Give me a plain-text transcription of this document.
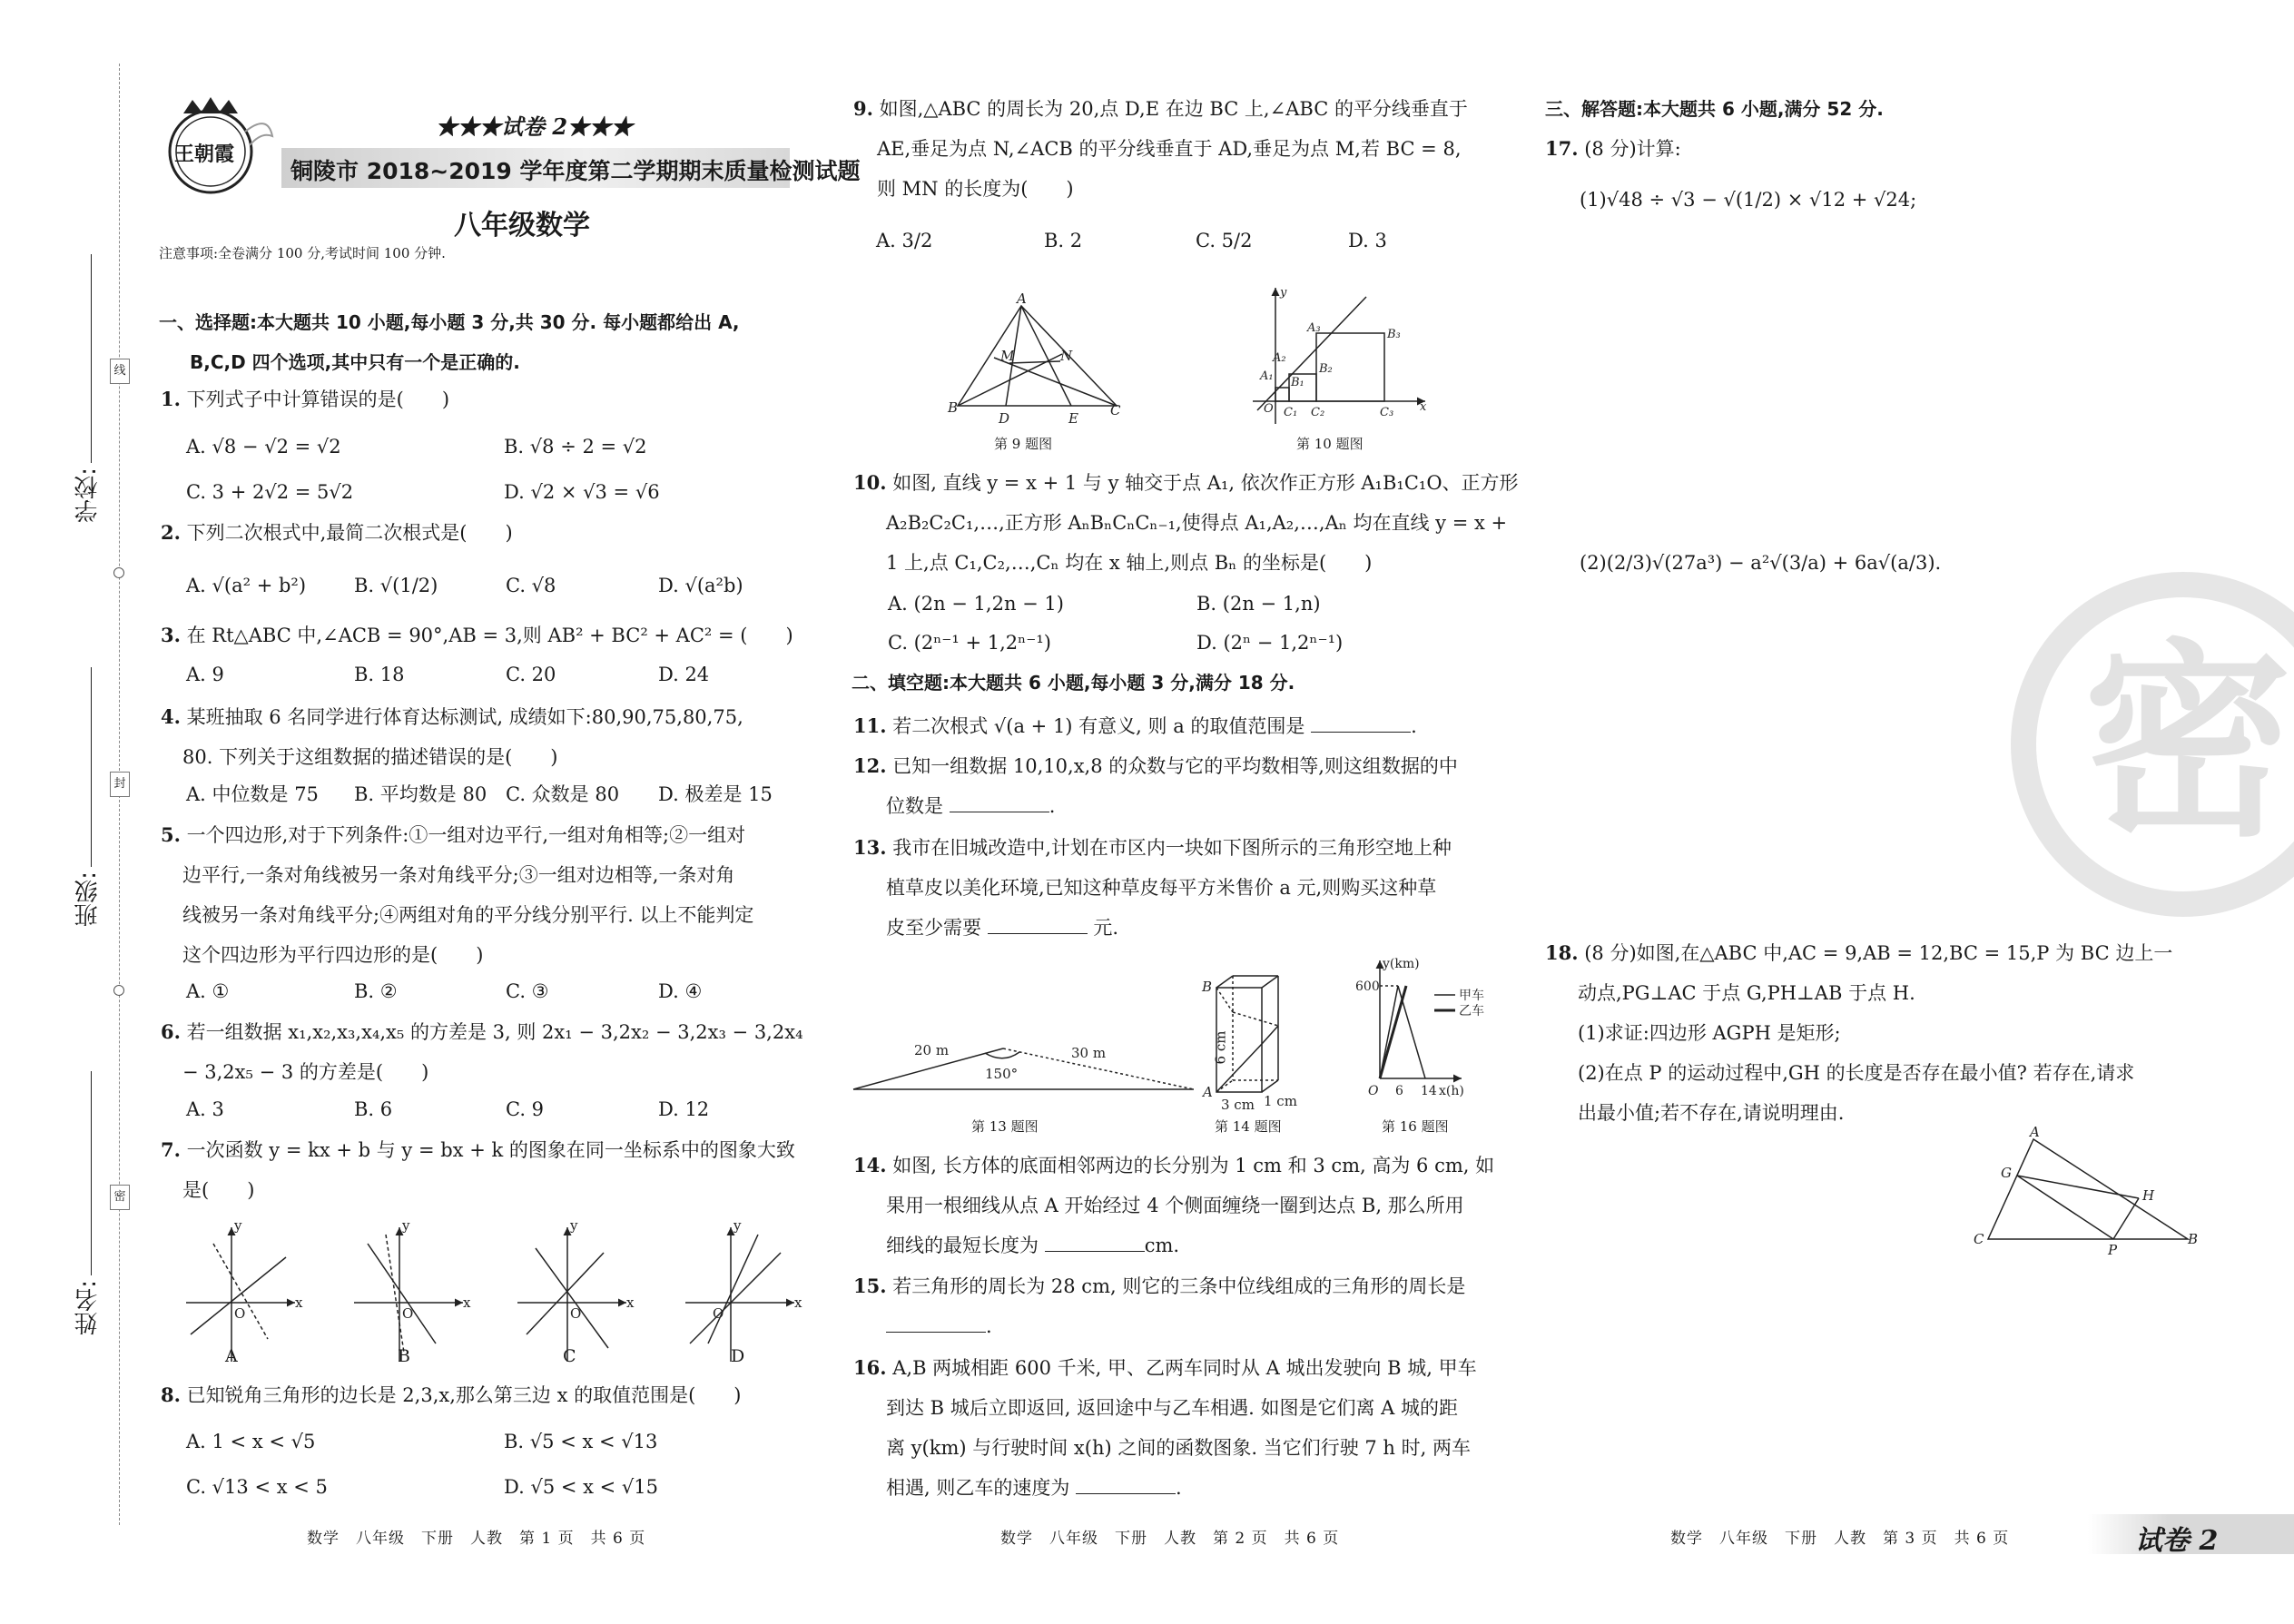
学校:
班级:
姓名:
线
封
密
王朝霞
★★★试卷 2★★★
铜陵市 2018~2019 学年度第二学期期末质量检测试题
八年级数学
注意事项:全卷满分 100 分,考试时间 100 分钟.
一、选择题:本大题共 10 小题,每小题 3 分,共 30 分. 每小题都给出 A,
B,C,D 四个选项,其中只有一个是正确的.
1. 下列式子中计算错误的是(　　)
A. √8 − √2 = √2	B. √8 ÷ 2 = √2
C. 3 + 2√2 = 5√2	D. √2 × √3 = √6
2. 下列二次根式中,最简二次根式是(　　)
A. √(a² + b²)	B. √(1/2)	C. √8	D. √(a²b)
3. 在 Rt△ABC 中,∠ACB = 90°,AB = 3,则 AB² + BC² + AC² = (　　)
A. 9	B. 18	C. 20	D. 24
4. 某班抽取 6 名同学进行体育达标测试, 成绩如下:80,90,75,80,75,
80. 下列关于这组数据的描述错误的是(　　)
A. 中位数是 75 B. 平均数是 80 C. 众数是 80 D. 极差是 15
5. 一个四边形,对于下列条件:①一组对边平行,一组对角相等;②一组对
边平行,一条对角线被另一条对角线平分;③一组对边相等,一条对角
线被另一条对角线平分;④两组对角的平分线分别平行. 以上不能判定
这个四边形为平行四边形的是(　　)
A. ①	B. ②	C. ③	D. ④
6. 若一组数据 x₁,x₂,x₃,x₄,x₅ 的方差是 3, 则 2x₁ − 3,2x₂ − 3,2x₃ − 3,2x₄
− 3,2x₅ − 3 的方差是(　　)
A. 3	B. 6	C. 9	D. 12
7. 一次函数 y = kx + b 与 y = bx + k 的图象在同一坐标系中的图象大致
是(　　)
y
x
O
y
x
O
y
x
O
y
x
O
A	B	C	D
8. 已知锐角三角形的边长是 2,3,x,那么第三边 x 的取值范围是(　　)
A. 1 < x < √5	B. √5 < x < √13
C. √13 < x < 5	D. √5 < x < √15
数学　八年级　下册　人教　第 1 页　共 6 页
9. 如图,△ABC 的周长为 20,点 D,E 在边 BC 上,∠ABC 的平分线垂直于
AE,垂足为点 N,∠ACB 的平分线垂直于 AD,垂足为点 M,若 BC = 8,
则 MN 的长度为(　　)
A. 3/2	B. 2	C. 5/2	D. 3
A
B	C
D	E
M	N
第 9 题图
y
x
O
A₁
A₂
A₃
B₁
B₂
B₃
C₁ C₂	C₃
第 10 题图
10. 如图, 直线 y = x + 1 与 y 轴交于点 A₁, 依次作正方形 A₁B₁C₁O、正方形
A₂B₂C₂C₁,…,正方形 AₙBₙCₙCₙ₋₁,使得点 A₁,A₂,…,Aₙ 均在直线 y = x +
1 上,点 C₁,C₂,…,Cₙ 均在 x 轴上,则点 Bₙ 的坐标是(　　)
A. (2n − 1,2n − 1)	B. (2n − 1,n)
C. (2ⁿ⁻¹ + 1,2ⁿ⁻¹)	D. (2ⁿ − 1,2ⁿ⁻¹)
二、填空题:本大题共 6 小题,每小题 3 分,满分 18 分.
11. 若二次根式 √(a + 1) 有意义, 则 a 的取值范围是	.
12. 已知一组数据 10,10,x,8 的众数与它的平均数相等,则这组数据的中
位数是	.
13. 我市在旧城改造中,计划在市区内一块如下图所示的三角形空地上种
植草皮以美化环境,已知这种草皮每平方米售价 a 元,则购买这种草
皮至少需要	元.
20 m	30 m
150°
第 13 题图
B
A
3 cm 1 cm
6 cm
第 14 题图
y(km)
600
O 6 14 x(h)
甲车
乙车
第 16 题图
14. 如图, 长方体的底面相邻两边的长分别为 1 cm 和 3 cm, 高为 6 cm, 如
果用一根细线从点 A 开始经过 4 个侧面缠绕一圈到达点 B, 那么所用
细线的最短长度为	cm.
15. 若三角形的周长为 28 cm, 则它的三条中位线组成的三角形的周长是
.
16. A,B 两城相距 600 千米, 甲、乙两车同时从 A 城出发驶向 B 城, 甲车
到达 B 城后立即返回, 返回途中与乙车相遇. 如图是它们离 A 城的距
离 y(km) 与行驶时间 x(h) 之间的函数图象. 当它们行驶 7 h 时, 两车
相遇, 则乙车的速度为	.
数学　八年级　下册　人教　第 2 页　共 6 页
三、解答题:本大题共 6 小题,满分 52 分.
17. (8 分)计算:
(1)√48 ÷ √3 − √(1/2) × √12 + √24;
(2)(2/3)√(27a³) − a²√(3/a) + 6a√(a/3).
18. (8 分)如图,在△ABC 中,AC = 9,AB = 12,BC = 15,P 为 BC 边上一
动点,PG⊥AC 于点 G,PH⊥AB 于点 H.
(1)求证:四边形 AGPH 是矩形;
(2)在点 P 的运动过程中,GH 的长度是否存在最小值? 若存在,请求
出最小值;若不存在,请说明理由.
A
C	B
G
H
P
密
数学　八年级　下册　人教　第 3 页　共 6 页	试卷 2
